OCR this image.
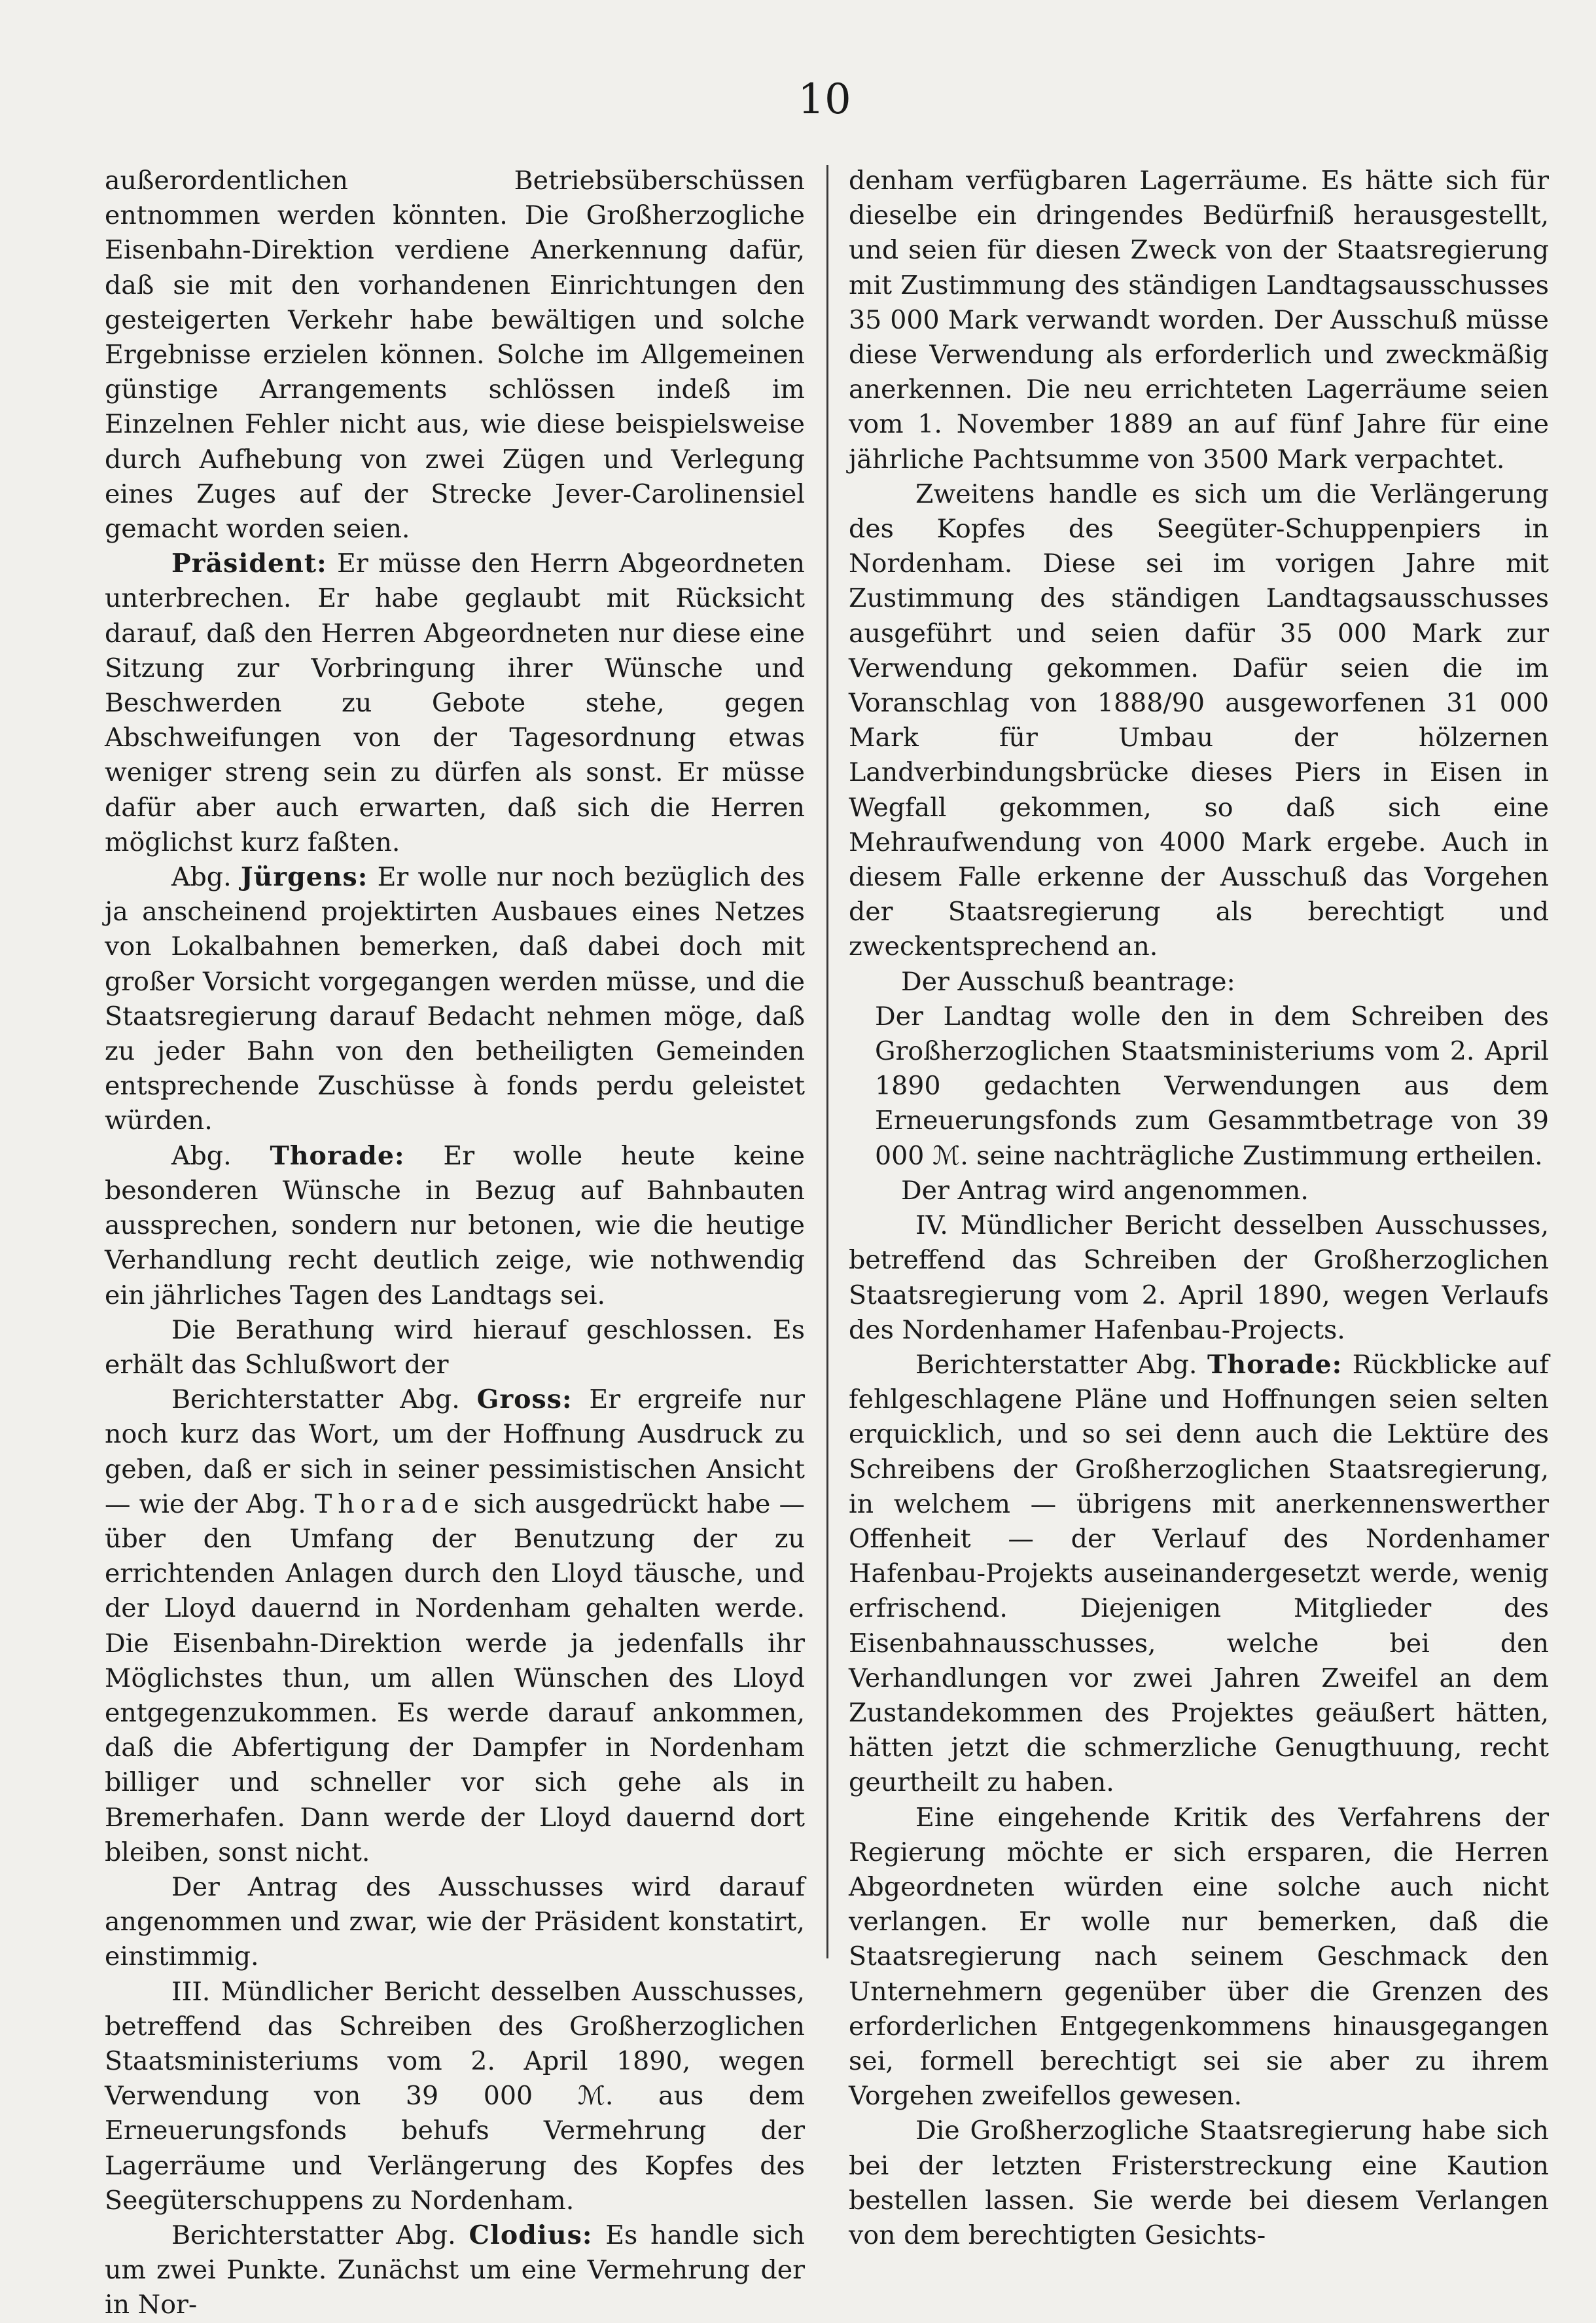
10

außerordentlichen Betriebsüberschüssen entnommen werden könnten. Die Großherzogliche Eisenbahn-Direktion verdiene Anerkennung dafür, daß sie mit den vorhandenen Einrichtungen den gesteigerten Verkehr habe bewältigen und solche Ergebnisse erzielen können. Solche im Allgemeinen günstige Arrangements schlössen indeß im Einzelnen Fehler nicht aus, wie diese beispielsweise durch Aufhebung von zwei Zügen und Verlegung eines Zuges auf der Strecke Jever-Carolinensiel gemacht worden seien.

Präsident: Er müsse den Herrn Abgeordneten unterbrechen. Er habe geglaubt mit Rücksicht darauf, daß den Herren Abgeordneten nur diese eine Sitzung zur Vorbringung ihrer Wünsche und Beschwerden zu Gebote stehe, gegen Abschweifungen von der Tagesordnung etwas weniger streng sein zu dürfen als sonst. Er müsse dafür aber auch erwarten, daß sich die Herren möglichst kurz faßten.

Abg. Jürgens: Er wolle nur noch bezüglich des ja anscheinend projektirten Ausbaues eines Netzes von Lokalbahnen bemerken, daß dabei doch mit großer Vorsicht vorgegangen werden müsse, und die Staatsregierung darauf Bedacht nehmen möge, daß zu jeder Bahn von den betheiligten Gemeinden entsprechende Zuschüsse à fonds perdu geleistet würden.

Abg. Thorade: Er wolle heute keine besonderen Wünsche in Bezug auf Bahnbauten aussprechen, sondern nur betonen, wie die heutige Verhandlung recht deutlich zeige, wie nothwendig ein jährliches Tagen des Landtags sei.

Die Berathung wird hierauf geschlossen. Es erhält das Schlußwort der

Berichterstatter Abg. Gross: Er ergreife nur noch kurz das Wort, um der Hoffnung Ausdruck zu geben, daß er sich in seiner pessimistischen Ansicht — wie der Abg. Thorade sich ausgedrückt habe — über den Umfang der Benutzung der zu errichtenden Anlagen durch den Lloyd täusche, und der Lloyd dauernd in Nordenham gehalten werde. Die Eisenbahn-Direktion werde ja jedenfalls ihr Möglichstes thun, um allen Wünschen des Lloyd entgegenzukommen. Es werde darauf ankommen, daß die Abfertigung der Dampfer in Nordenham billiger und schneller vor sich gehe als in Bremerhafen. Dann werde der Lloyd dauernd dort bleiben, sonst nicht.

Der Antrag des Ausschusses wird darauf angenommen und zwar, wie der Präsident konstatirt, einstimmig.

III. Mündlicher Bericht desselben Ausschusses, betreffend das Schreiben des Großherzoglichen Staatsministeriums vom 2. April 1890, wegen Verwendung von 39 000 ℳ. aus dem Erneuerungsfonds behufs Vermehrung der Lagerräume und Verlängerung des Kopfes des Seegüterschuppens zu Nordenham.

Berichterstatter Abg. Clodius: Es handle sich um zwei Punkte. Zunächst um eine Vermehrung der in Nor-

denham verfügbaren Lagerräume. Es hätte sich für dieselbe ein dringendes Bedürfniß herausgestellt, und seien für diesen Zweck von der Staatsregierung mit Zustimmung des ständigen Landtagsausschusses 35 000 Mark verwandt worden. Der Ausschuß müsse diese Verwendung als erforderlich und zweckmäßig anerkennen. Die neu errichteten Lagerräume seien vom 1. November 1889 an auf fünf Jahre für eine jährliche Pachtsumme von 3500 Mark verpachtet.

Zweitens handle es sich um die Verlängerung des Kopfes des Seegüter-Schuppenpiers in Nordenham. Diese sei im vorigen Jahre mit Zustimmung des ständigen Landtagsausschusses ausgeführt und seien dafür 35 000 Mark zur Verwendung gekommen. Dafür seien die im Voranschlag von 1888/90 ausgeworfenen 31 000 Mark für Umbau der hölzernen Landverbindungsbrücke dieses Piers in Eisen in Wegfall gekommen, so daß sich eine Mehraufwendung von 4000 Mark ergebe. Auch in diesem Falle erkenne der Ausschuß das Vorgehen der Staatsregierung als berechtigt und zweckentsprechend an.

Der Ausschuß beantrage:

Der Landtag wolle den in dem Schreiben des Großherzoglichen Staatsministeriums vom 2. April 1890 gedachten Verwendungen aus dem Erneuerungsfonds zum Gesammtbetrage von 39 000 ℳ. seine nachträgliche Zustimmung ertheilen.

Der Antrag wird angenommen.

IV. Mündlicher Bericht desselben Ausschusses, betreffend das Schreiben der Großherzoglichen Staatsregierung vom 2. April 1890, wegen Verlaufs des Nordenhamer Hafenbau-Projects.

Berichterstatter Abg. Thorade: Rückblicke auf fehlgeschlagene Pläne und Hoffnungen seien selten erquicklich, und so sei denn auch die Lektüre des Schreibens der Großherzoglichen Staatsregierung, in welchem — übrigens mit anerkennenswerther Offenheit — der Verlauf des Nordenhamer Hafenbau-Projekts auseinandergesetzt werde, wenig erfrischend. Diejenigen Mitglieder des Eisenbahnausschusses, welche bei den Verhandlungen vor zwei Jahren Zweifel an dem Zustandekommen des Projektes geäußert hätten, hätten jetzt die schmerzliche Genugthuung, recht geurtheilt zu haben.

Eine eingehende Kritik des Verfahrens der Regierung möchte er sich ersparen, die Herren Abgeordneten würden eine solche auch nicht verlangen. Er wolle nur bemerken, daß die Staatsregierung nach seinem Geschmack den Unternehmern gegenüber über die Grenzen des erforderlichen Entgegenkommens hinausgegangen sei, formell berechtigt sei sie aber zu ihrem Vorgehen zweifellos gewesen.

Die Großherzogliche Staatsregierung habe sich bei der letzten Fristerstreckung eine Kaution bestellen lassen. Sie werde bei diesem Verlangen von dem berechtigten Gesichts-
